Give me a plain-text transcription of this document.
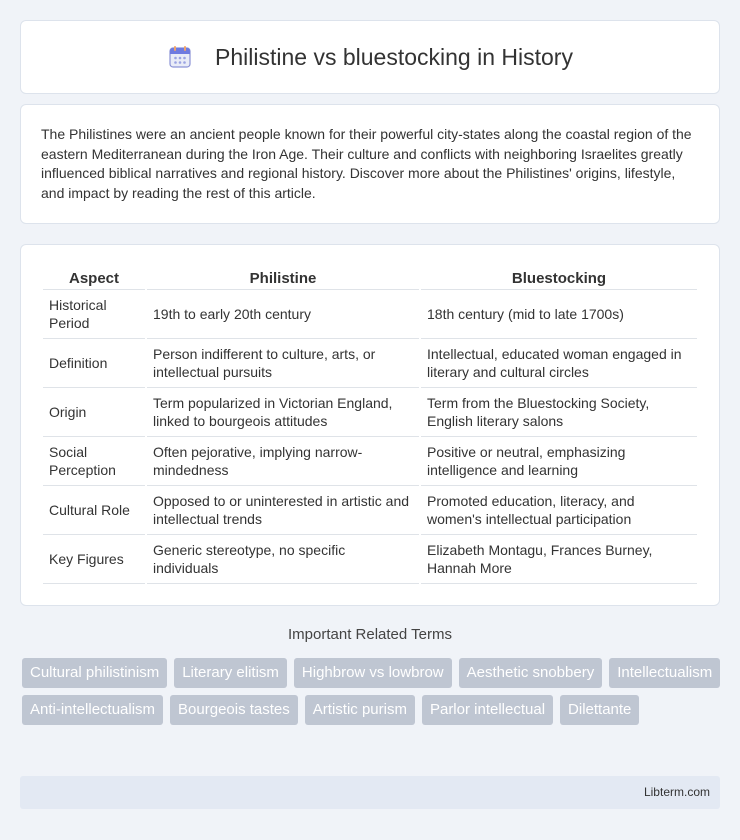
Philistine vs bluestocking in History

The Philistines were an ancient people known for their powerful city-states along the coastal region of the eastern Mediterranean during the Iron Age. Their culture and conflicts with neighboring Israelites greatly influenced biblical narratives and regional history. Discover more about the Philistines' origins, lifestyle, and impact by reading the rest of this article.

Aspect	Philistine	Bluestocking
Historical Period	19th to early 20th century	18th century (mid to late 1700s)
Definition	Person indifferent to culture, arts, or intellectual pursuits	Intellectual, educated woman engaged in literary and cultural circles
Origin	Term popularized in Victorian England, linked to bourgeois attitudes	Term from the Bluestocking Society, English literary salons
Social Perception	Often pejorative, implying narrow-mindedness	Positive or neutral, emphasizing intelligence and learning
Cultural Role	Opposed to or uninterested in artistic and intellectual trends	Promoted education, literacy, and women's intellectual participation
Key Figures	Generic stereotype, no specific individuals	Elizabeth Montagu, Frances Burney, Hannah More
Important Related Terms
Cultural philistinism	Literary elitism	Highbrow vs lowbrow	Aesthetic snobbery	Intellectualism
Anti-intellectualism	Bourgeois tastes	Artistic purism	Parlor intellectual	Dilettante
Libterm.com
